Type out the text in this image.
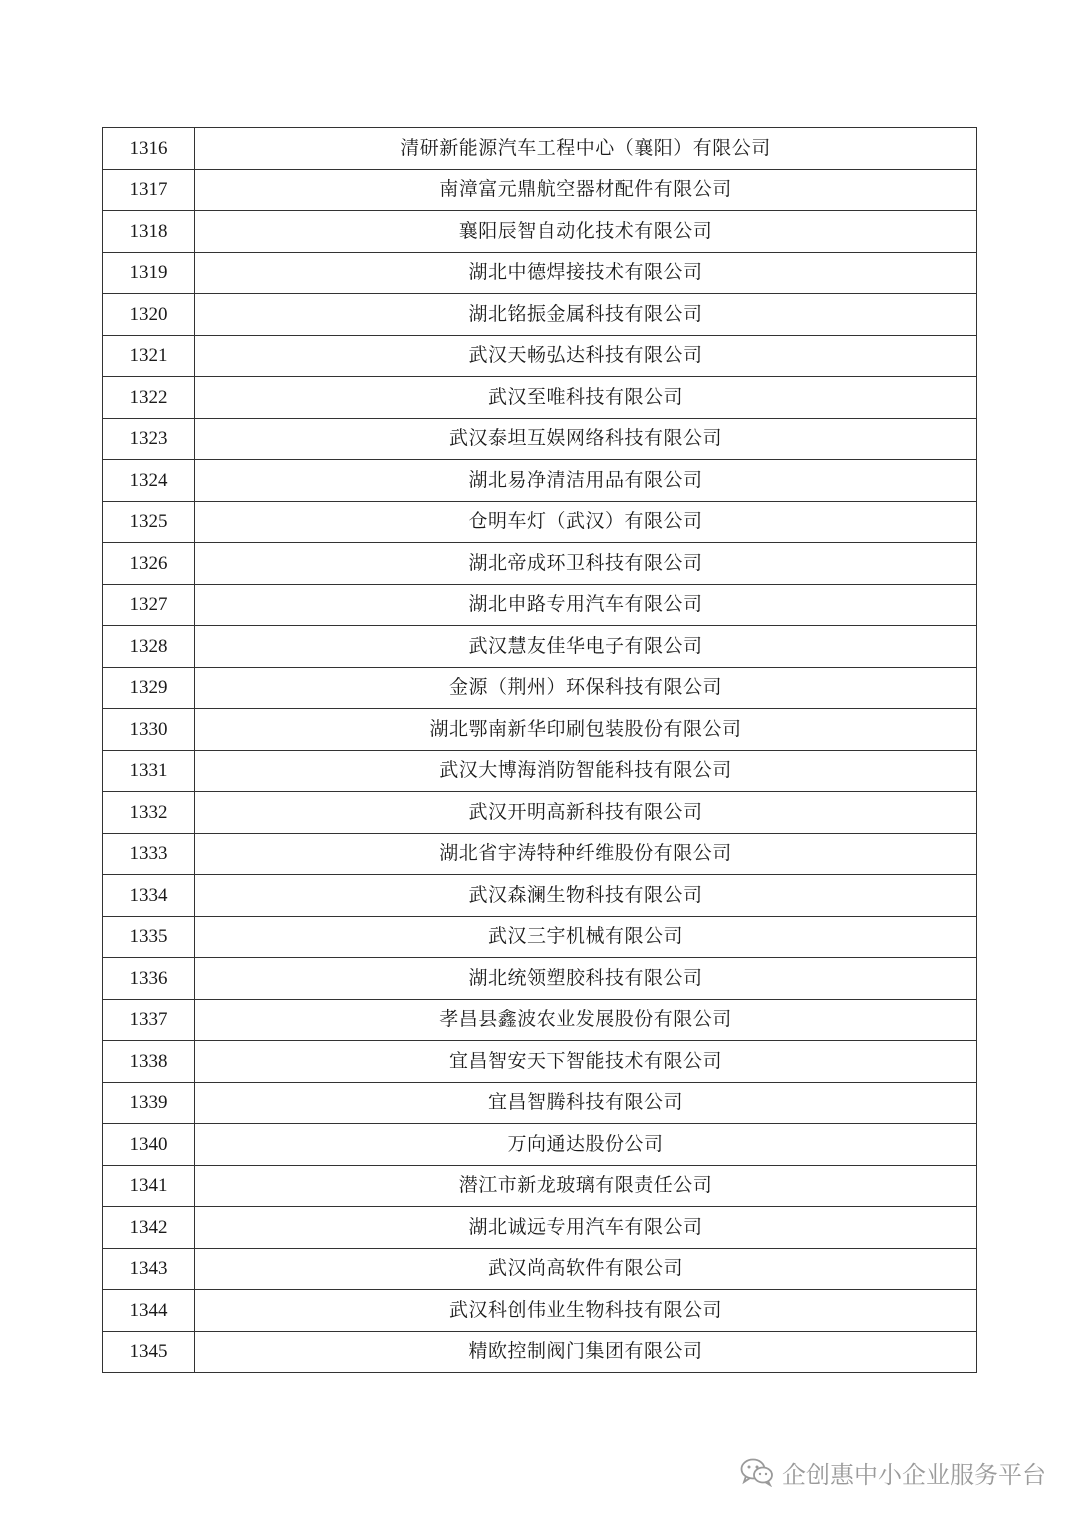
1316	清研新能源汽车工程中心（襄阳）有限公司
1317	南漳富元鼎航空器材配件有限公司
1318	襄阳辰智自动化技术有限公司
1319	湖北中德焊接技术有限公司
1320	湖北铭振金属科技有限公司
1321	武汉天畅弘达科技有限公司
1322	武汉至唯科技有限公司
1323	武汉泰坦互娱网络科技有限公司
1324	湖北易净清洁用品有限公司
1325	仓明车灯（武汉）有限公司
1326	湖北帝成环卫科技有限公司
1327	湖北申路专用汽车有限公司
1328	武汉慧友佳华电子有限公司
1329	金源（荆州）环保科技有限公司
1330	湖北鄂南新华印刷包装股份有限公司
1331	武汉大博海消防智能科技有限公司
1332	武汉开明高新科技有限公司
1333	湖北省宇涛特种纤维股份有限公司
1334	武汉森澜生物科技有限公司
1335	武汉三宇机械有限公司
1336	湖北统领塑胶科技有限公司
1337	孝昌县鑫波农业发展股份有限公司
1338	宜昌智安天下智能技术有限公司
1339	宜昌智腾科技有限公司
1340	万向通达股份公司
1341	潜江市新龙玻璃有限责任公司
1342	湖北诚远专用汽车有限公司
1343	武汉尚高软件有限公司
1344	武汉科创伟业生物科技有限公司
1345	精欧控制阀门集团有限公司
企创惠中小企业服务平台
